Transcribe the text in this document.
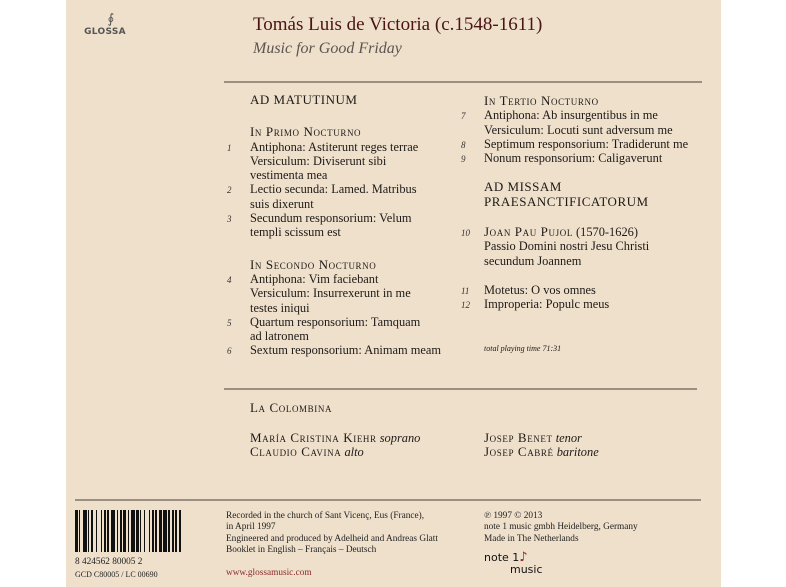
∮
GLOSSA	Tomás Luis de Victoria (c.1548-1611)
Music for Good Friday
AD MATUTINUM
In Primo Nocturno
1 Antiphona: Astiterunt reges terrae
Versiculum: Diviserunt sibi
vestimenta mea
2 Lectio secunda: Lamed. Matribus
suis dixerunt
3 Secundum responsorium: Velum
templi scissum est
In Secondo Nocturno
4 Antiphona: Vim faciebant
Versiculum: Insurrexerunt in me
testes iniqui
5 Quartum responsorium: Tamquam
ad latronem
6 Sextum responsorium: Animam meam
In Tertio Nocturno
7 Antiphona: Ab insurgentibus in me
Versiculum: Locuti sunt adversum me
8 Septimum responsorium: Tradiderunt me
9 Nonum responsorium: Caligaverunt
AD MISSAM
PRAESANCTIFICATORUM
10 Joan Pau Pujol (1570-1626)
Passio Domini nostri Jesu Christi
secundum Joannem
11 Motetus: O vos omnes
12 Improperia: Populc meus
total playing time 71:31
La Colombina
María Cristina Kiehr soprano
Claudio Cavina alto
Josep Benet tenor
Josep Cabré baritone
8 424562 80005 2
GCD C80005 / LC 00690
Recorded in the church of Sant Vicenç, Eus (France),
in April 1997
Engineered and produced by Adelheid and Andreas Glatt
Booklet in English – Français – Deutsch
www.glossamusic.com
℗ 1997 © 2013
note 1 music gmbh Heidelberg, Germany
Made in The Netherlands
note 1♪
music
